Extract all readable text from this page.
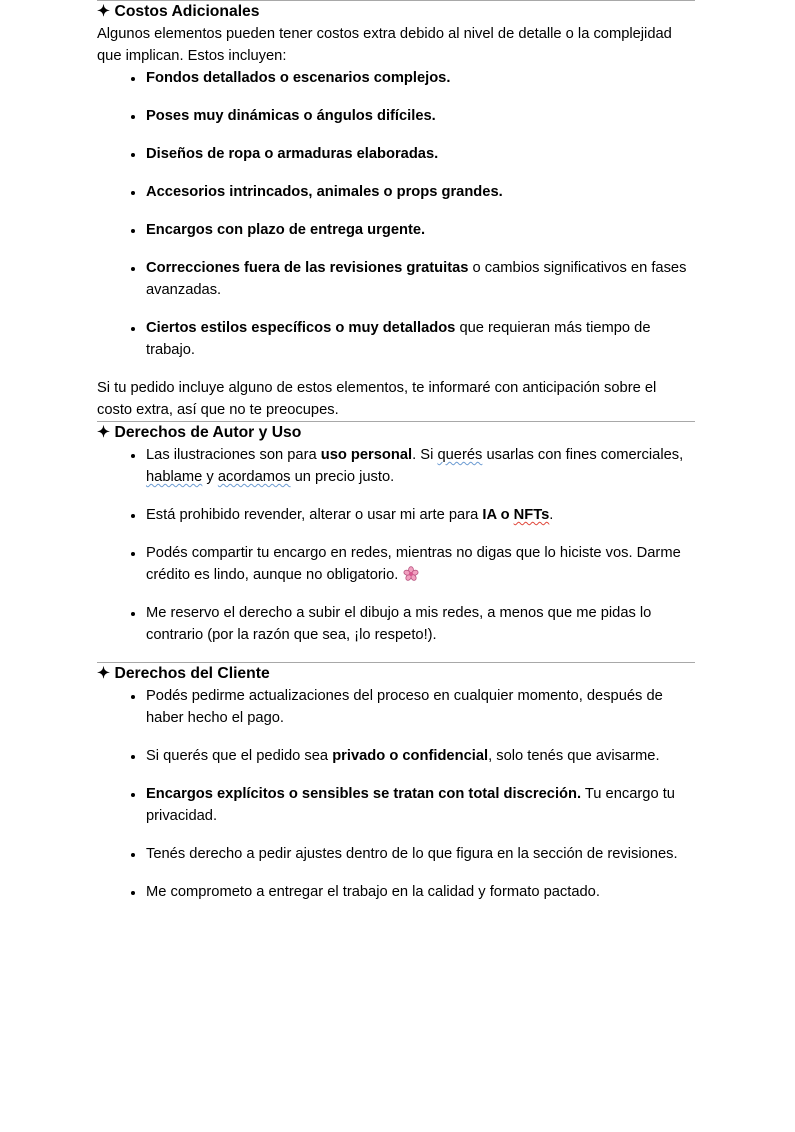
✦ Costos Adicionales

Algunos elementos pueden tener costos extra debido al nivel de detalle o la complejidad que implican. Estos incluyen:

• Fondos detallados o escenarios complejos.
• Poses muy dinámicas o ángulos difíciles.
• Diseños de ropa o armaduras elaboradas.
• Accesorios intrincados, animales o props grandes.
• Encargos con plazo de entrega urgente.
• Correcciones fuera de las revisiones gratuitas o cambios significativos en fases avanzadas.
• Ciertos estilos específicos o muy detallados que requieran más tiempo de trabajo.

Si tu pedido incluye alguno de estos elementos, te informaré con anticipación sobre el costo extra, así que no te preocupes.

✦ Derechos de Autor y Uso
• Las ilustraciones son para uso personal. Si querés usarlas con fines comerciales, hablame y acordamos un precio justo.
• Está prohibido revender, alterar o usar mi arte para IA o NFTs.
• Podés compartir tu encargo en redes, mientras no digas que lo hiciste vos. Darme crédito es lindo, aunque no obligatorio.
• Me reservo el derecho a subir el dibujo a mis redes, a menos que me pidas lo contrario (por la razón que sea, ¡lo respeto!).
✦ Derechos del Cliente
• Podés pedirme actualizaciones del proceso en cualquier momento, después de haber hecho el pago.
• Si querés que el pedido sea privado o confidencial, solo tenés que avisarme.
• Encargos explícitos o sensibles se tratan con total discreción. Tu encargo tu privacidad.
• Tenés derecho a pedir ajustes dentro de lo que figura en la sección de revisiones.
• Me comprometo a entregar el trabajo en la calidad y formato pactado.
